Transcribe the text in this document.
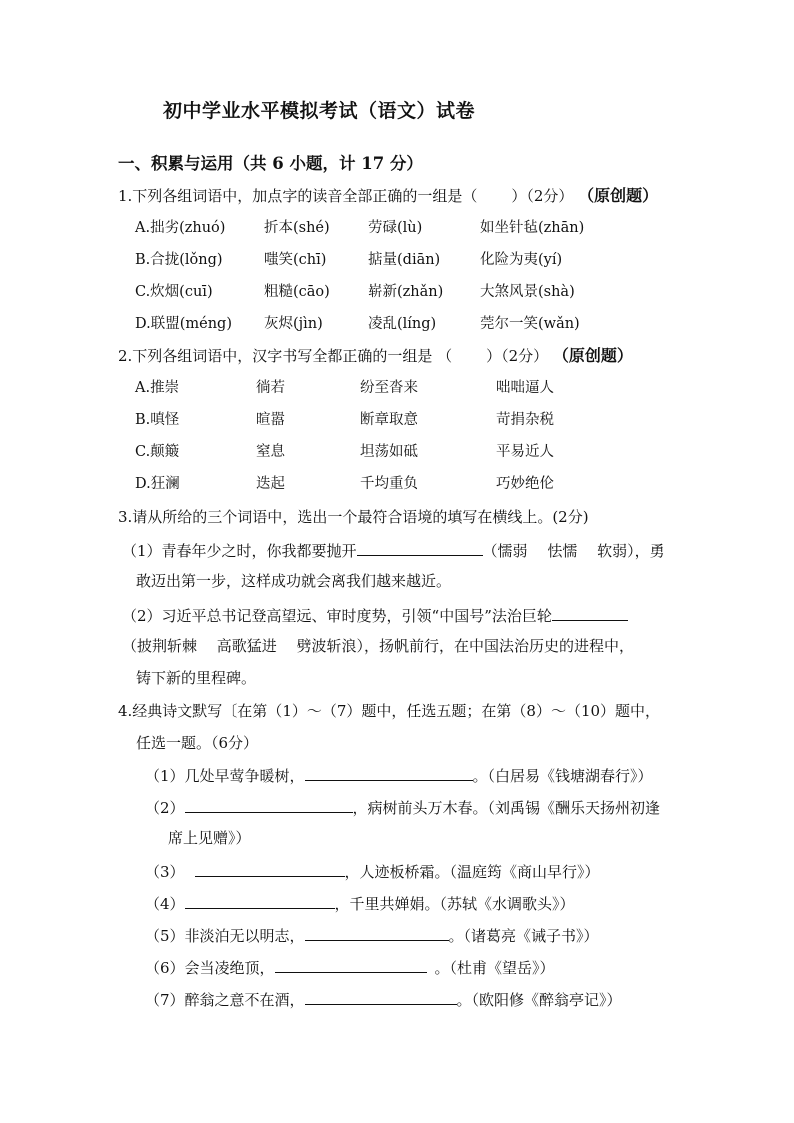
初中学业水平模拟考试（语文）试卷
一、积累与运用（共 6 小题，计 17 分）
1.下列各组词语中，加点字的读音全部正确的一组是（ ）（2分） （原创题）
A.拙劣(zhuó)	折本(shé)	劳碌(lù)	如坐针毡(zhān)
B.合拢(lǒng)	嗤笑(chī)	掂量(diān)	化险为夷(yí)
C.炊烟(cuī)	粗糙(cāo)	崭新(zhǎn)	大煞风景(shà)
D.联盟(méng) 灰烬(jìn)	凌乱(líng)	莞尔一笑(wǎn)
2.下列各组词语中，汉字书写全都正确的一组是 （ ）（2分） （原创题）
A.推崇	徜若	纷至沓来	咄咄逼人
B.嗔怪	暄嚣	断章取意	苛捐杂税
C.颠簸	窒息	坦荡如砥	平易近人
D.狂澜	迭起	千均重负	巧妙绝伦
3.请从所给的三个词语中，选出一个最符合语境的填写在横线上。(2分)
（1）青春年少之时，你我都要抛开	（懦弱　 怯懦　 软弱），勇
敢迈出第一步，这样成功就会离我们越来越近。
（2）习近平总书记登高望远、审时度势，引领“中国号”法治巨轮
（披荆斩棘　 高歌猛进　 劈波斩浪），扬帆前行，在中国法治历史的进程中，
铸下新的里程碑。
4.经典诗文默写〔在第（1）～（7）题中，任选五题；在第（8）～（10）题中，
任选一题。（6分）
（1）几处早莺争暖树，	。（白居易《钱塘湖春行》）
（2）	，病树前头万木春。（刘禹锡《酬乐天扬州初逢
席上见赠》）
（3）	，人迹板桥霜。（温庭筠《商山早行》）
（4）	，千里共婵娟。（苏轼《水调歌头》）
（5）非淡泊无以明志，	。（诸葛亮《诫子书》）
（6）会当凌绝顶，	。（杜甫《望岳》）
（7）醉翁之意不在酒，	。（欧阳修《醉翁亭记》）
